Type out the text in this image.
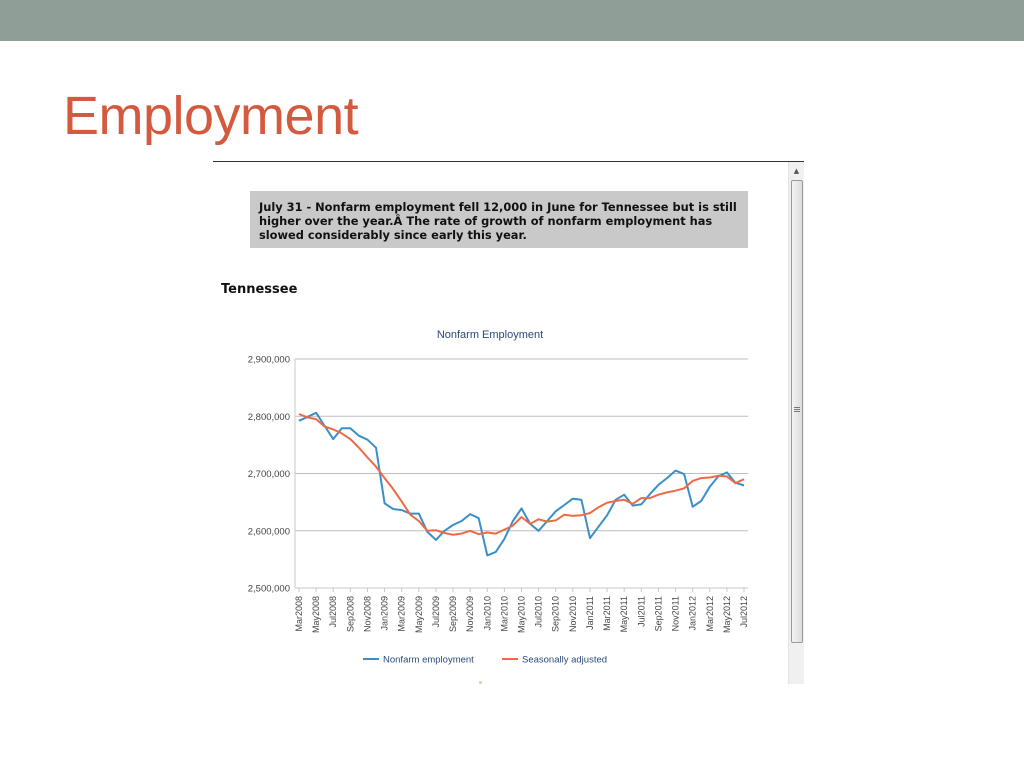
Employment
July 31 - Nonfarm employment fell 12,000 in June for Tennessee but is still higher over the year.Â The rate of growth of nonfarm employment has slowed considerably since early this year.
Tennessee
Nonfarm Employment
2,500,000
2,600,000
2,700,000
2,800,000
2,900,000
Mar2008 May2008 Jul2008 Sep2008 Nov2008 Jan2009 Mar2009 May2009 Jul2009 Sep2009 Nov2009 Jan2010 Mar2010 May2010 Jul2010 Sep2010 Nov2010 Jan2011 Mar2011 May2011 Jul2011 Sep2011 Nov2011 Jan2012 Mar2012 May2012 Jul2012
Nonfarm employment	Seasonally adjusted
▲
